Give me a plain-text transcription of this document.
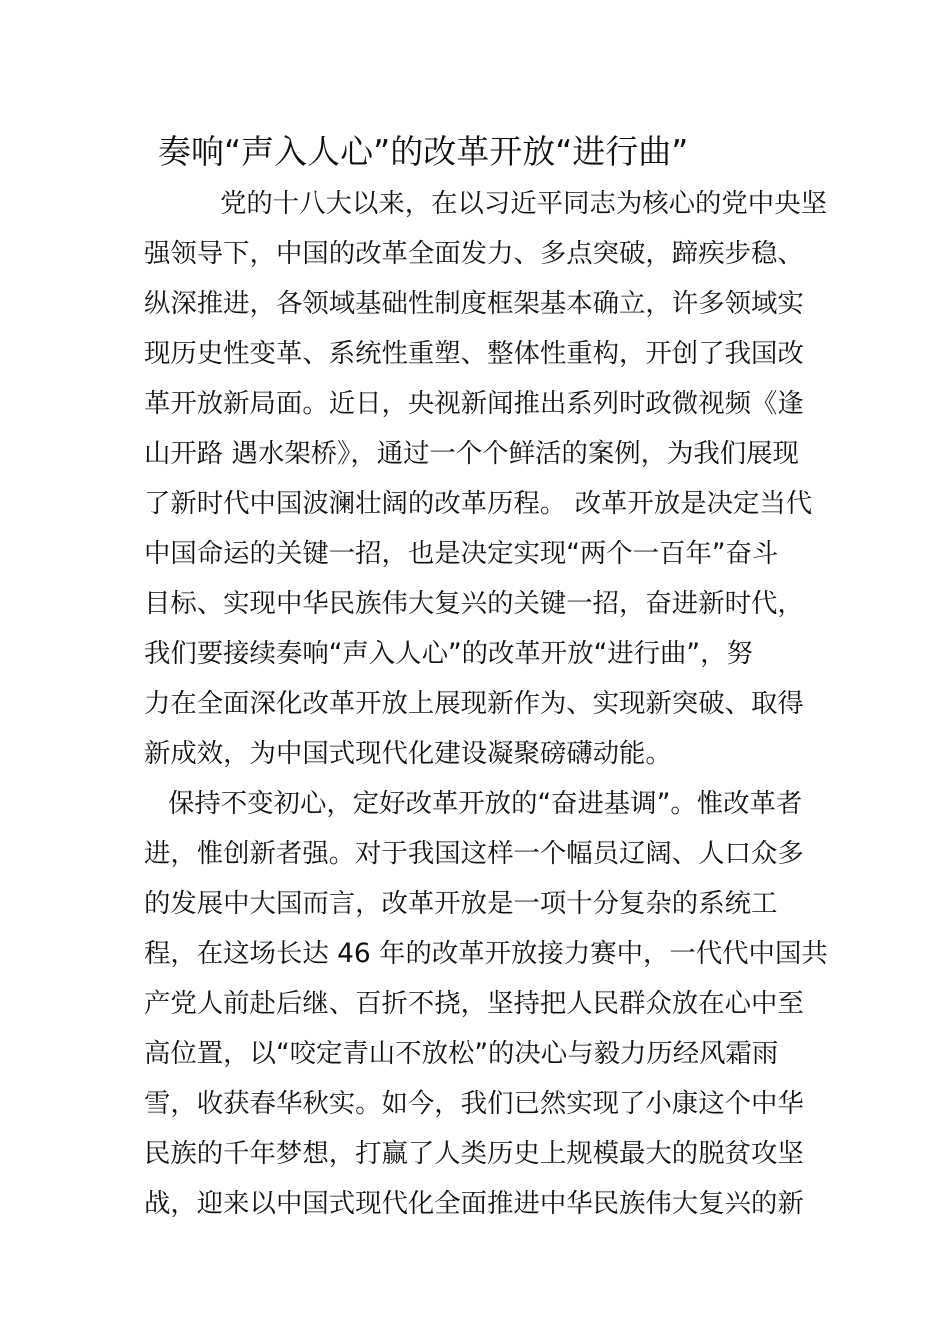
奏响“声入人心”的改革开放“进行曲”
党的十八大以来，在以习近平同志为核心的党中央坚
强领导下，中国的改革全面发力、多点突破，蹄疾步稳、
纵深推进，各领域基础性制度框架基本确立，许多领域实
现历史性变革、系统性重塑、整体性重构，开创了我国改
革开放新局面。近日，央视新闻推出系列时政微视频《逢
山开路 遇水架桥》，通过一个个鲜活的案例，为我们展现
了新时代中国波澜壮阔的改革历程。 改革开放是决定当代
中国命运的关键一招，也是决定实现“两个一百年”奋斗
目标、实现中华民族伟大复兴的关键一招，奋进新时代，
我们要接续奏响“声入人心”的改革开放“进行曲”，努
力在全面深化改革开放上展现新作为、实现新突破、取得
新成效，为中国式现代化建设凝聚磅礴动能。
保持不变初心，定好改革开放的“奋进基调”。惟改革者
进，惟创新者强。对于我国这样一个幅员辽阔、人口众多
的发展中大国而言，改革开放是一项十分复杂的系统工
程，在这场长达 46 年的改革开放接力赛中，一代代中国共
产党人前赴后继、百折不挠，坚持把人民群众放在心中至
高位置，以“咬定青山不放松”的决心与毅力历经风霜雨
雪，收获春华秋实。如今，我们已然实现了小康这个中华
民族的千年梦想，打赢了人类历史上规模最大的脱贫攻坚
战，迎来以中国式现代化全面推进中华民族伟大复兴的新
